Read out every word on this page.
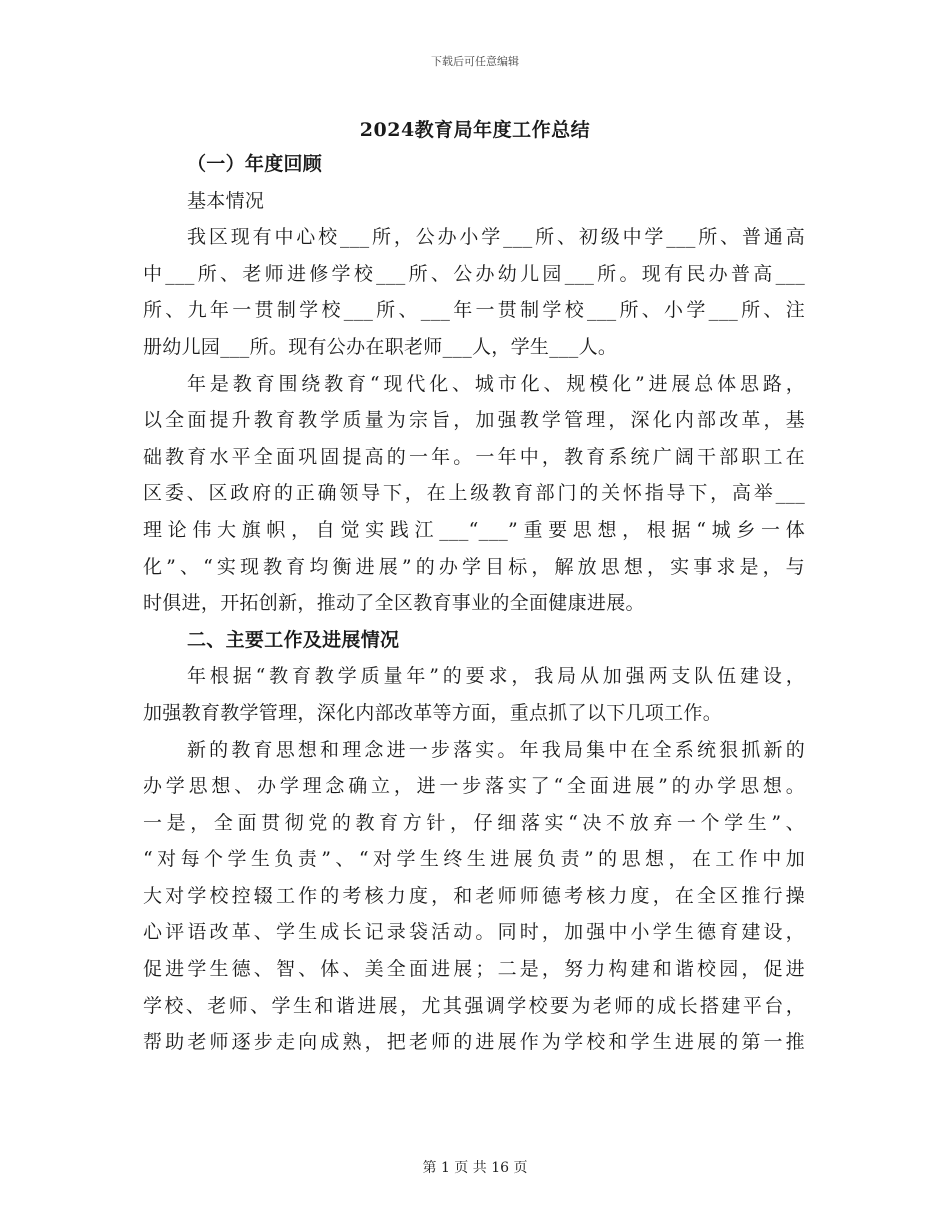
下载后可任意编辑
2024教育局年度工作总结
（一）年度回顾
基本情况
我区现有中心校___所，公办小学___所、初级中学___所、普通高
中___所、老师进修学校___所、公办幼儿园___所。现有民办普高___
所、九年一贯制学校___所、___年一贯制学校___所、小学___所、注
册幼儿园___所。现有公办在职老师___人，学生___人。
年是教育围绕教育“现代化、城市化、规模化”进展总体思路，
以全面提升教育教学质量为宗旨，加强教学管理，深化内部改革，基
础教育水平全面巩固提高的一年。一年中，教育系统广阔干部职工在
区委、区政府的正确领导下，在上级教育部门的关怀指导下，高举___
理论伟大旗帜，自觉实践江___“___”重要思想，根据“城乡一体
化”、“实现教育均衡进展”的办学目标，解放思想，实事求是，与
时俱进，开拓创新，推动了全区教育事业的全面健康进展。
二、主要工作及进展情况
年根据“教育教学质量年”的要求，我局从加强两支队伍建设，
加强教育教学管理，深化内部改革等方面，重点抓了以下几项工作。
新的教育思想和理念进一步落实。年我局集中在全系统狠抓新的
办学思想、办学理念确立，进一步落实了“全面进展”的办学思想。
一是，全面贯彻党的教育方针，仔细落实“决不放弃一个学生”、
“对每个学生负责”、“对学生终生进展负责”的思想，在工作中加
大对学校控辍工作的考核力度，和老师师德考核力度，在全区推行操
心评语改革、学生成长记录袋活动。同时，加强中小学生德育建设，
促进学生德、智、体、美全面进展；二是，努力构建和谐校园，促进
学校、老师、学生和谐进展，尤其强调学校要为老师的成长搭建平台，
帮助老师逐步走向成熟，把老师的进展作为学校和学生进展的第一推
第 1 页 共 16 页
